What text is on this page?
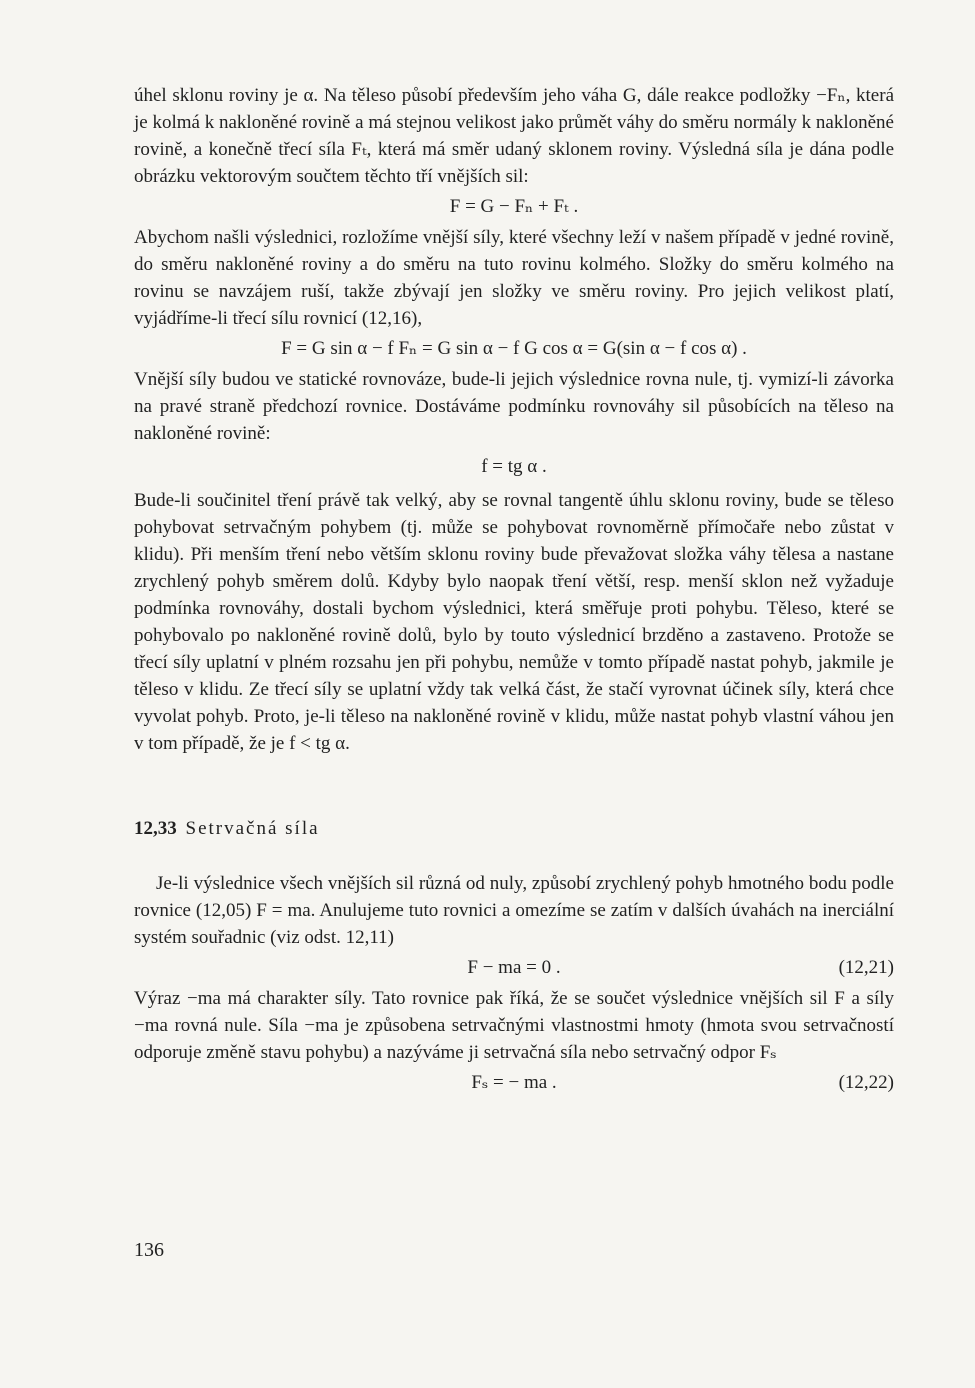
úhel sklonu roviny je α. Na těleso působí především jeho váha G, dále reakce podložky −Fₙ, která je kolmá k nakloněné rovině a má stejnou velikost jako průmět váhy do směru normály k nakloněné rovině, a konečně třecí síla Fₜ, která má směr udaný sklonem roviny. Výsledná síla je dána podle obrázku vektorovým součtem těchto tří vnějších sil:

F = G − Fₙ + Fₜ .

Abychom našli výslednici, rozložíme vnější síly, které všechny leží v našem případě v jedné rovině, do směru nakloněné roviny a do směru na tuto rovinu kolmého. Složky do směru kolmého na rovinu se navzájem ruší, takže zbývají jen složky ve směru roviny. Pro jejich velikost platí, vyjádříme-li třecí sílu rovnicí (12,16),

F = G sin α − f Fₙ = G sin α − f G cos α = G(sin α − f cos α) .

Vnější síly budou ve statické rovnováze, bude-li jejich výslednice rovna nule, tj. vymizí-li závorka na pravé straně předchozí rovnice. Dostáváme podmínku rovnováhy sil působících na těleso na nakloněné rovině:

f = tg α .

Bude-li součinitel tření právě tak velký, aby se rovnal tangentě úhlu sklonu roviny, bude se těleso pohybovat setrvačným pohybem (tj. může se pohybovat rovnoměrně přímočaře nebo zůstat v klidu). Při menším tření nebo větším sklonu roviny bude převažovat složka váhy tělesa a nastane zrychlený pohyb směrem dolů. Kdyby bylo naopak tření větší, resp. menší sklon než vyžaduje podmínka rovnováhy, dostali bychom výslednici, která směřuje proti pohybu. Těleso, které se pohybovalo po nakloněné rovině dolů, bylo by touto výslednicí brzděno a zastaveno. Protože se třecí síly uplatní v plném rozsahu jen při pohybu, nemůže v tomto případě nastat pohyb, jakmile je těleso v klidu. Ze třecí síly se uplatní vždy tak velká část, že stačí vyrovnat účinek síly, která chce vyvolat pohyb. Proto, je-li těleso na nakloněné rovině v klidu, může nastat pohyb vlastní váhou jen v tom případě, že je f < tg α.

12,33 Setrvačná síla

Je-li výslednice všech vnějších sil různá od nuly, způsobí zrychlený pohyb hmotného bodu podle rovnice (12,05) F = ma. Anulujeme tuto rovnici a omezíme se zatím v dalších úvahách na inerciální systém souřadnic (viz odst. 12,11)

F − ma = 0 .	(12,21)

Výraz −ma má charakter síly. Tato rovnice pak říká, že se součet výslednice vnějších sil F a síly −ma rovná nule. Síla −ma je způsobena setrvačnými vlastnostmi hmoty (hmota svou setrvačností odporuje změně stavu pohybu) a nazýváme ji setrvačná síla nebo setrvačný odpor Fₛ

Fₛ = − ma .	(12,22)
136
